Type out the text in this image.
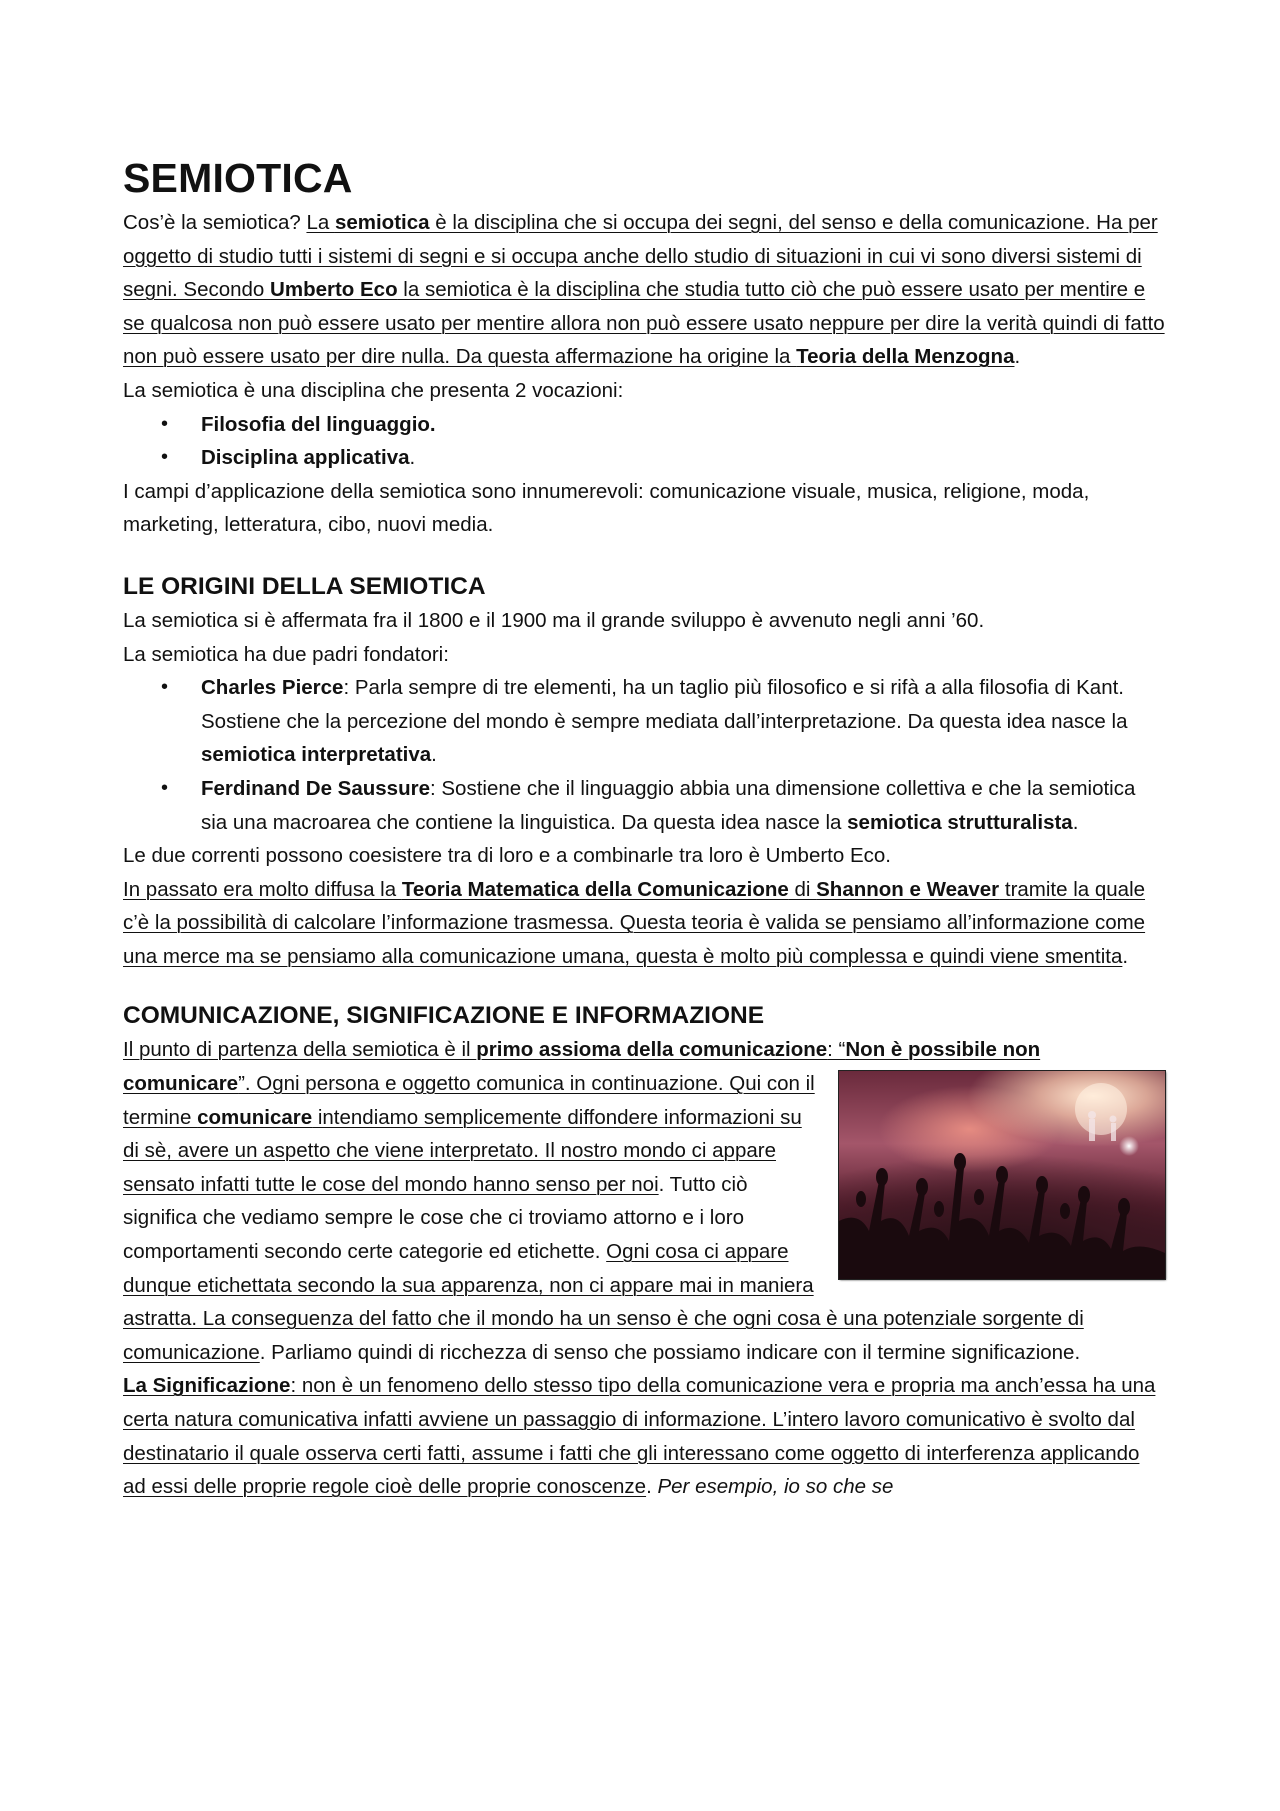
SEMIOTICA

Cos’è la semiotica? La semiotica è la disciplina che si occupa dei segni, del senso e della comunicazione. Ha per oggetto di studio tutti i sistemi di segni e si occupa anche dello studio di situazioni in cui vi sono diversi sistemi di segni. Secondo Umberto Eco la semiotica è la disciplina che studia tutto ciò che può essere usato per mentire e se qualcosa non può essere usato per mentire allora non può essere usato neppure per dire la verità quindi di fatto non può essere usato per dire nulla. Da questa affermazione ha origine la Teoria della Menzogna.

La semiotica è una disciplina che presenta 2 vocazioni:

• Filosofia del linguaggio.
• Disciplina applicativa.

I campi d’applicazione della semiotica sono innumerevoli: comunicazione visuale, musica, religione, moda, marketing, letteratura, cibo, nuovi media.

LE ORIGINI DELLA SEMIOTICA

La semiotica si è affermata fra il 1800 e il 1900 ma il grande sviluppo è avvenuto negli anni ’60.

La semiotica ha due padri fondatori:

• Charles Pierce: Parla sempre di tre elementi, ha un taglio più filosofico e si rifà a alla filosofia di Kant. Sostiene che la percezione del mondo è sempre mediata dall’interpretazione. Da questa idea nasce la semiotica interpretativa.
• Ferdinand De Saussure: Sostiene che il linguaggio abbia una dimensione collettiva e che la semiotica sia una macroarea che contiene la linguistica. Da questa idea nasce la semiotica strutturalista.

Le due correnti possono coesistere tra di loro e a combinarle tra loro è Umberto Eco.

In passato era molto diffusa la Teoria Matematica della Comunicazione di Shannon e Weaver tramite la quale c’è la possibilità di calcolare l’informazione trasmessa. Questa teoria è valida se pensiamo all’informazione come una merce ma se pensiamo alla comunicazione umana, questa è molto più complessa e quindi viene smentita.

COMUNICAZIONE, SIGNIFICAZIONE E INFORMAZIONE

Il punto di partenza della semiotica è il primo assioma della comunicazione: “Non è possibile non comunicare
”. Ogni persona e oggetto comunica in continuazione. Qui con il termine comunicare intendiamo semplicemente diffondere informazioni su di sè, avere un aspetto che viene interpretato. Il nostro mondo ci appare sensato infatti tutte le cose del mondo hanno senso per noi. Tutto ciò significa che vediamo sempre le cose che ci troviamo attorno e i loro comportamenti secondo certe categorie ed etichette. Ogni cosa ci appare dunque etichettata secondo la sua apparenza, non ci appare mai in maniera astratta. La conseguenza del fatto che il mondo ha un senso è che ogni cosa è una potenziale sorgente di comunicazione. Parliamo quindi di ricchezza di senso che possiamo indicare con il termine significazione.

La Significazione: non è un fenomeno dello stesso tipo della comunicazione vera e propria ma anch’essa ha una certa natura comunicativa infatti avviene un passaggio di informazione. L’intero lavoro comunicativo è svolto dal destinatario il quale osserva certi fatti, assume i fatti che gli interessano come oggetto di interferenza applicando ad essi delle proprie regole cioè delle proprie conoscenze. Per esempio, io so che se
